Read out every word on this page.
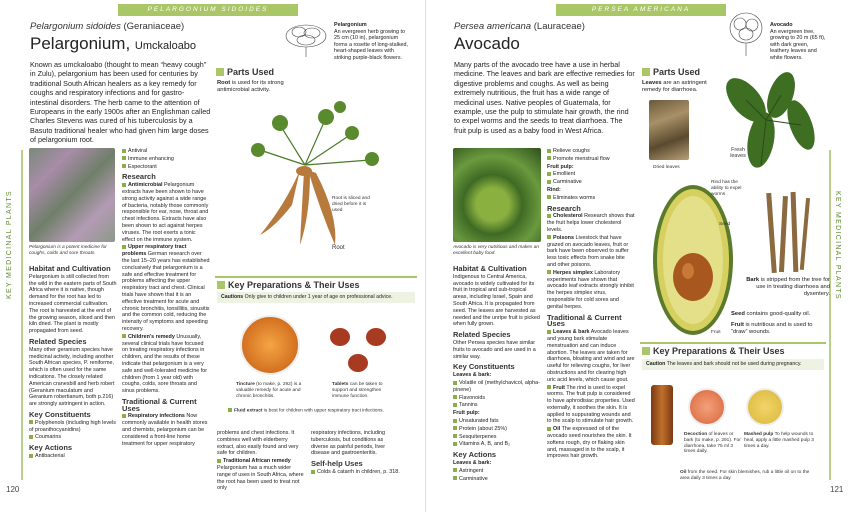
PELARGONIUM SIDOIDES
KEY MEDICINAL PLANTS
120
Pelargonium sidoides (Geraniaceae)
Pelargonium, Umckaloabo
Pelargonium
An evergreen herb growing to 25 cm (10 in), pelargonium forms a rosette of long-stalked, heart-shaped leaves with striking purple-black flowers.
Known as umckaloabo (thought to mean “heavy cough” in Zulu), pelargonium has been used for centuries by traditional South African healers as a key remedy for coughs and respiratory infections and for gastro-intestinal disorders. The herb came to the attention of Europeans in the early 1900s after an Englishman called Charles Stevens was cured of his tuberculosis by a Basuto traditional healer who had given him large doses of pelargonium root.
Parts Used
Root is used for its strong antimicrobial activity.
Root is sliced and dried before it is used
Root
Pelargonium is a potent medicine for coughs, colds and sore throats.
Habitat and Cultivation

Pelargonium is still collected from the wild in the eastern parts of South Africa where it is native, though demand for the root has led to increased commercial cultivation. The root is harvested at the end of the growing season, sliced and then kiln dried. The plant is mostly propagated from seed.

Related Species

Many other geranium species have medicinal activity, including another South African species, P. reniforme, which is often used for the same indications. The closely related American cranesbill and herb robert (Geranium maculatum and Geranium robertianum, both p.216) are strongly astringent in action.

Key Constituents

Polyphenols (including high levels of proanthocyanidins)

Coumarins

Key Actions

Antibacterial

Antiviral

Immune enhancing

Expectorant

Research

Antimicrobial Pelargonium extracts have been shown to have strong activity against a wide range of bacteria, notably those commonly responsible for ear, nose, throat and chest infections. Extracts have also been shown to act against herpes viruses. The root exerts a tonic effect on the immune system.

Upper respiratory tract problems German research over the last 15–20 years has established conclusively that pelargonium is a safe and effective treatment for problems affecting the upper respiratory tract and chest. Clinical trials have shown that it is an effective treatment for acute and chronic bronchitis, tonsillitis, sinusitis and the common cold, reducing the intensity of symptoms and speeding recovery.

Children’s remedy Unusually, several clinical trials have focused on treating respiratory infections in children, and the results of these indicate that pelargonium is a very safe and well-tolerated medicine for children (from 1 year old) with coughs, colds, sore throats and sinus problems.

Traditional & Current Uses

Respiratory infections Now commonly available in health stores and chemists, pelargonium can be considered a front-line home treatment for upper respiratory

Key Preparations & Their Uses
Cautions Only give to children under 1 year of age on professional advice.
Tincture (to make, p. 292) is a valuable remedy for acute and chronic bronchitis.
Tablets can be taken to support and strengthen immune function.
Fluid extract is best for children with upper respiratory tract infections.

problems and chest infections. It combines well with elderberry extract, also easily found and very safe for children.

Traditional African remedy Pelargonium has a much wider range of uses in South Africa, where the root has been used to treat not only

respiratory infections, including tuberculosis, but conditions as diverse as painful periods, liver disease and gastroenteritis.

Self-help Uses

Colds & catarrh in children, p. 318.

PERSEA AMERICANA
KEY MEDICINAL PLANTS
121
Persea americana (Lauraceae)
Avocado
Avocado
An evergreen tree, growing to 20 m (65 ft), with dark green, leathery leaves and white flowers.
Many parts of the avocado tree have a use in herbal medicine. The leaves and bark are effective remedies for digestive problems and coughs. As well as being extremely nutritious, the fruit has a wide range of medicinal uses. Native peoples of Guatemala, for example, use the pulp to stimulate hair growth, the rind to expel worms and the seeds to treat diarrhoea. The fruit pulp is used as a baby food in West Africa.
Parts Used
Leaves are an astringent remedy for diarrhoea.
Dried leaves
Fresh leaves
Rind has the ability to expel worms
Seed
Fruit
Bark is stripped from the tree for use in treating diarrhoea and dysentery.
Seed contains good-quality oil.
Fruit is nutritious and is used to “draw” wounds.
Avocado is very nutritious and makes an excellent baby food.
Habitat & Cultivation

Indigenous to Central America, avocado is widely cultivated for its fruit in tropical and sub-tropical areas, including Israel, Spain and South Africa. It is propagated from seed. The leaves are harvested as needed and the unripe fruit is picked when fully grown.

Related Species

Other Persea species have similar fruits to avocado and are used in a similar way.

Key Constituents

Leaves & bark:

Volatile oil (methylchavicol, alpha-pinene)

Flavonoids

Tannins

Fruit pulp:

Unsaturated fats

Protein (about 25%)

Sesquiterpenes

Vitamins A, B, and B₂

Key Actions

Leaves & bark:

Astringent

Carminative

Relieve coughs

Promote menstrual flow

Fruit pulp:

Emollient

Carminative

Rind:

Eliminates worms

Research

Cholesterol Research shows that the fruit helps lower cholesterol levels.

Poisons Livestock that have grazed on avocado leaves, fruit or bark have been observed to suffer less toxic effects from snake bite and other poisons.

Herpes simplex Laboratory experiments have shown that avocado leaf extracts strongly inhibit the herpes simplex virus, responsible for cold sores and genital herpes.

Traditional & Current Uses

Leaves & bark Avocado leaves and young bark stimulate menstruation and can induce abortion. The leaves are taken for diarrhoea, bloating and wind and are useful for relieving coughs, for liver obstructions and for clearing high uric acid levels, which cause gout.

Fruit The rind is used to expel worms. The fruit pulp is considered to have aphrodisiac properties. Used externally, it soothes the skin. It is applied to suppurating wounds and to the scalp to stimulate hair growth.

Oil The expressed oil of the avocado seed nourishes the skin. It softens rough, dry or flaking skin and, massaged in to the scalp, it improves hair growth.

Key Preparations & Their Uses
Caution The leaves and bark should not be used during pregnancy.
Decoction of leaves or bark (to make, p. 291). For diarrhoea, take 75 ml 3 times daily.
Mashed pulp To help wounds to heal, apply a little mashed pulp 3 times a day.
Oil from the seed. For skin blemishes, rub a little oil on to the area daily 3 times a day.
